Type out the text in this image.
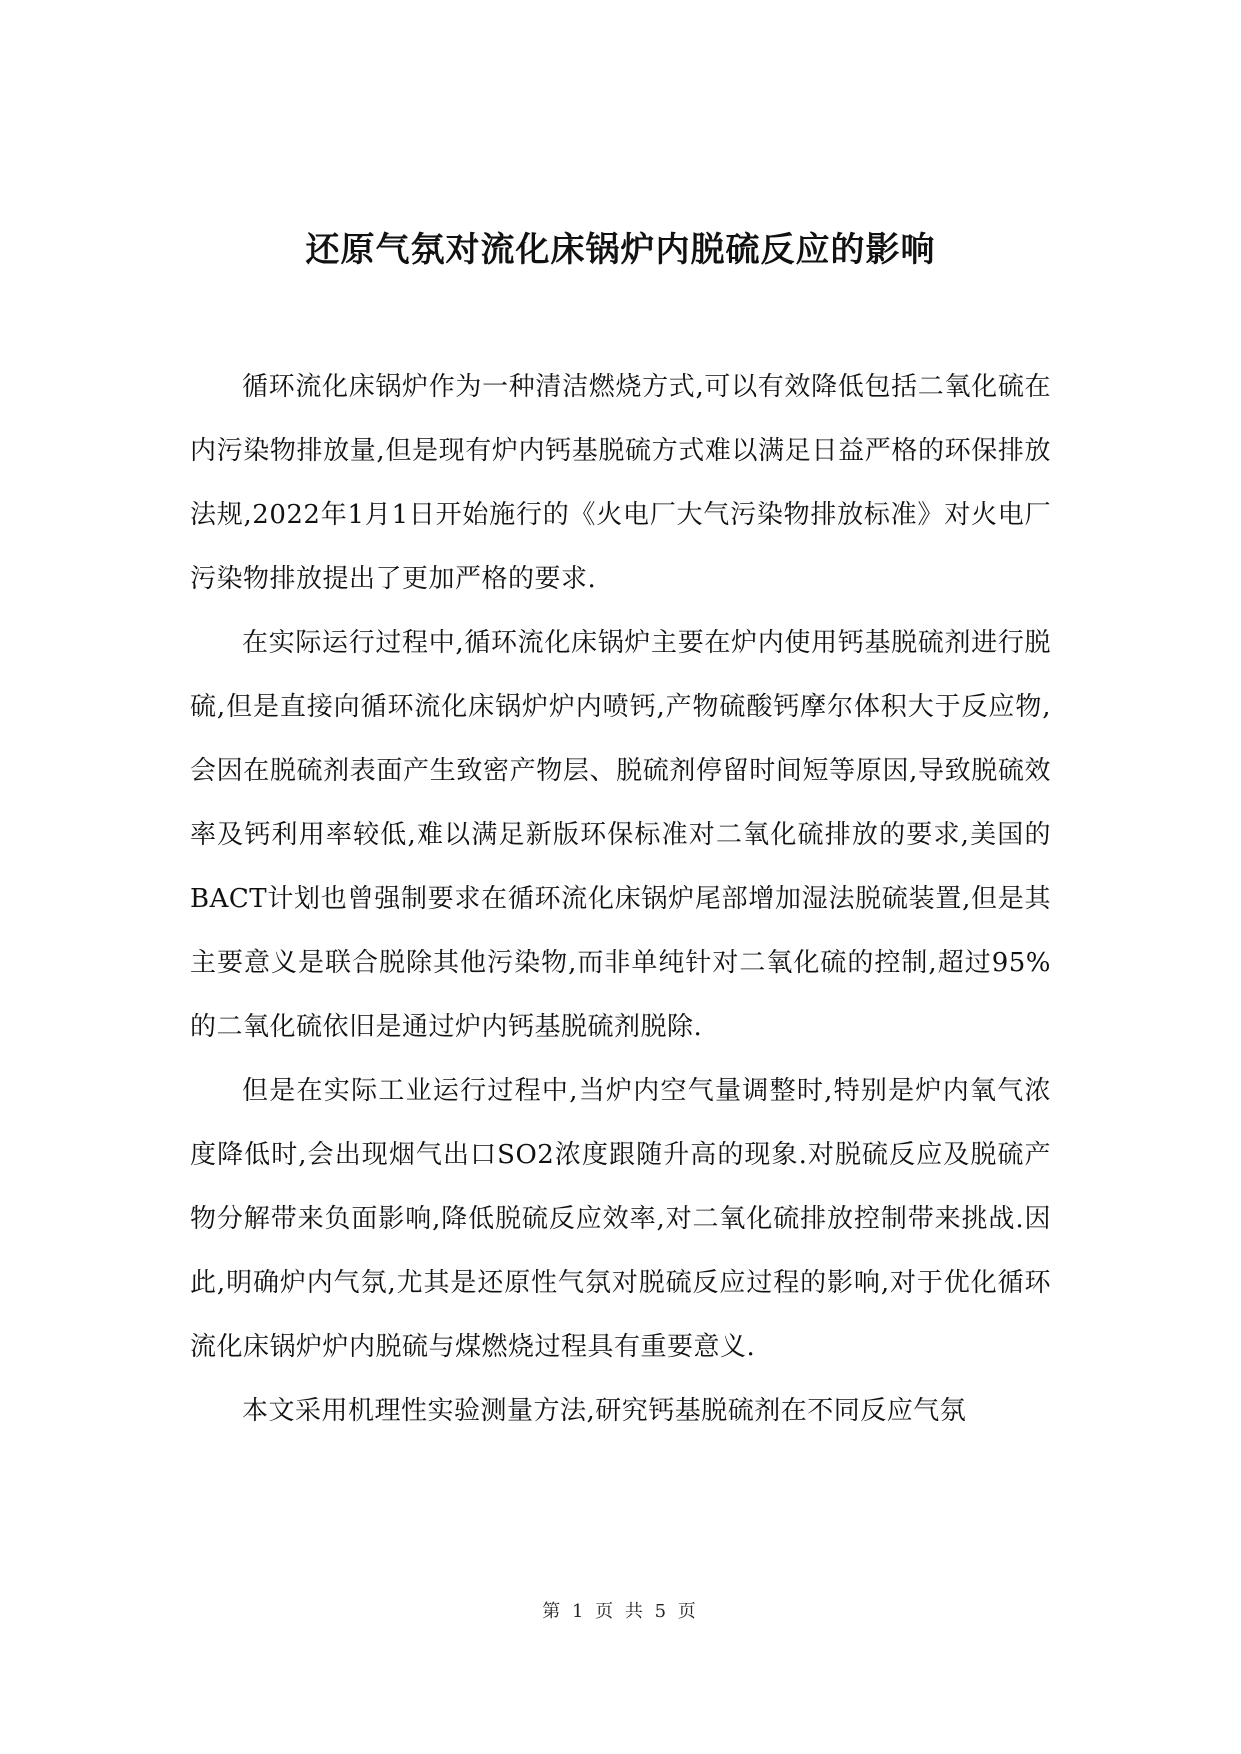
还原气氛对流化床锅炉内脱硫反应的影响

循环流化床锅炉作为一种清洁燃烧方式,可以有效降低包括二氧化硫在内污染物排放量,但是现有炉内钙基脱硫方式难以满足日益严格的环保排放法规,2022年1月1日开始施行的《火电厂大气污染物排放标准》对火电厂污染物排放提出了更加严格的要求.

在实际运行过程中,循环流化床锅炉主要在炉内使用钙基脱硫剂进行脱硫,但是直接向循环流化床锅炉炉内喷钙,产物硫酸钙摩尔体积大于反应物,会因在脱硫剂表面产生致密产物层、脱硫剂停留时间短等原因,导致脱硫效率及钙利用率较低,难以满足新版环保标准对二氧化硫排放的要求,美国的BACT计划也曾强制要求在循环流化床锅炉尾部增加湿法脱硫装置,但是其主要意义是联合脱除其他污染物,而非单纯针对二氧化硫的控制,超过95%的二氧化硫依旧是通过炉内钙基脱硫剂脱除.

但是在实际工业运行过程中,当炉内空气量调整时,特别是炉内氧气浓度降低时,会出现烟气出口SO2浓度跟随升高的现象.对脱硫反应及脱硫产物分解带来负面影响,降低脱硫反应效率,对二氧化硫排放控制带来挑战.因此,明确炉内气氛,尤其是还原性气氛对脱硫反应过程的影响,对于优化循环流化床锅炉炉内脱硫与煤燃烧过程具有重要意义.

本文采用机理性实验测量方法,研究钙基脱硫剂在不同反应气氛

第 1 页 共 5 页
